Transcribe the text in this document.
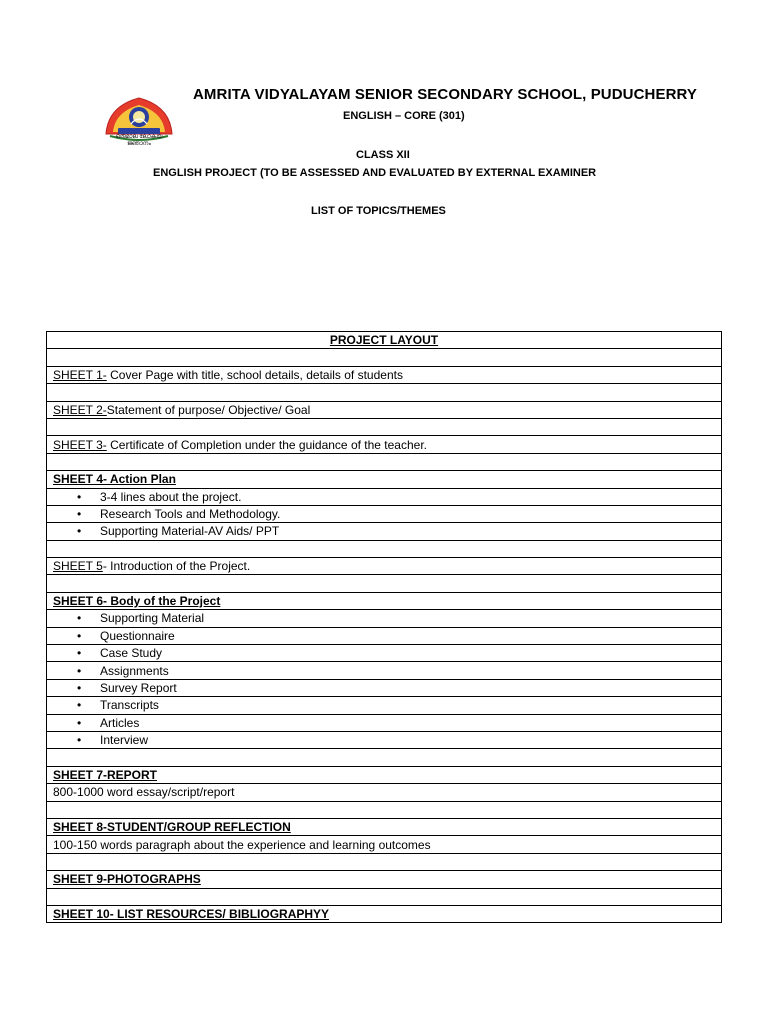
ഒരുമാല ലോകയ ജ്ഞാനം
AMRITA VIDYALAYAM SENIOR SECONDARY SCHOOL, PUDUCHERRY
ENGLISH – CORE (301)
CLASS XII
ENGLISH PROJECT (TO BE ASSESSED AND EVALUATED BY EXTERNAL EXAMINER
LIST OF TOPICS/THEMES
PROJECT LAYOUT

SHEET 1- Cover Page with title, school details, details of students

SHEET 2-Statement of purpose/ Objective/ Goal

SHEET 3- Certificate of Completion under the guidance of the teacher.

SHEET 4- Action Plan
• 3-4 lines about the project.
• Research Tools and Methodology.
• Supporting Material-AV Aids/ PPT

SHEET 5- Introduction of the Project.

SHEET 6- Body of the Project
• Supporting Material
• Questionnaire
• Case Study
• Assignments
• Survey Report
• Transcripts
• Articles
• Interview

SHEET 7-REPORT
800-1000 word essay/script/report

SHEET 8-STUDENT/GROUP REFLECTION
100-150 words paragraph about the experience and learning outcomes

SHEET 9-PHOTOGRAPHS

SHEET 10- LIST RESOURCES/ BIBLIOGRAPHYY
